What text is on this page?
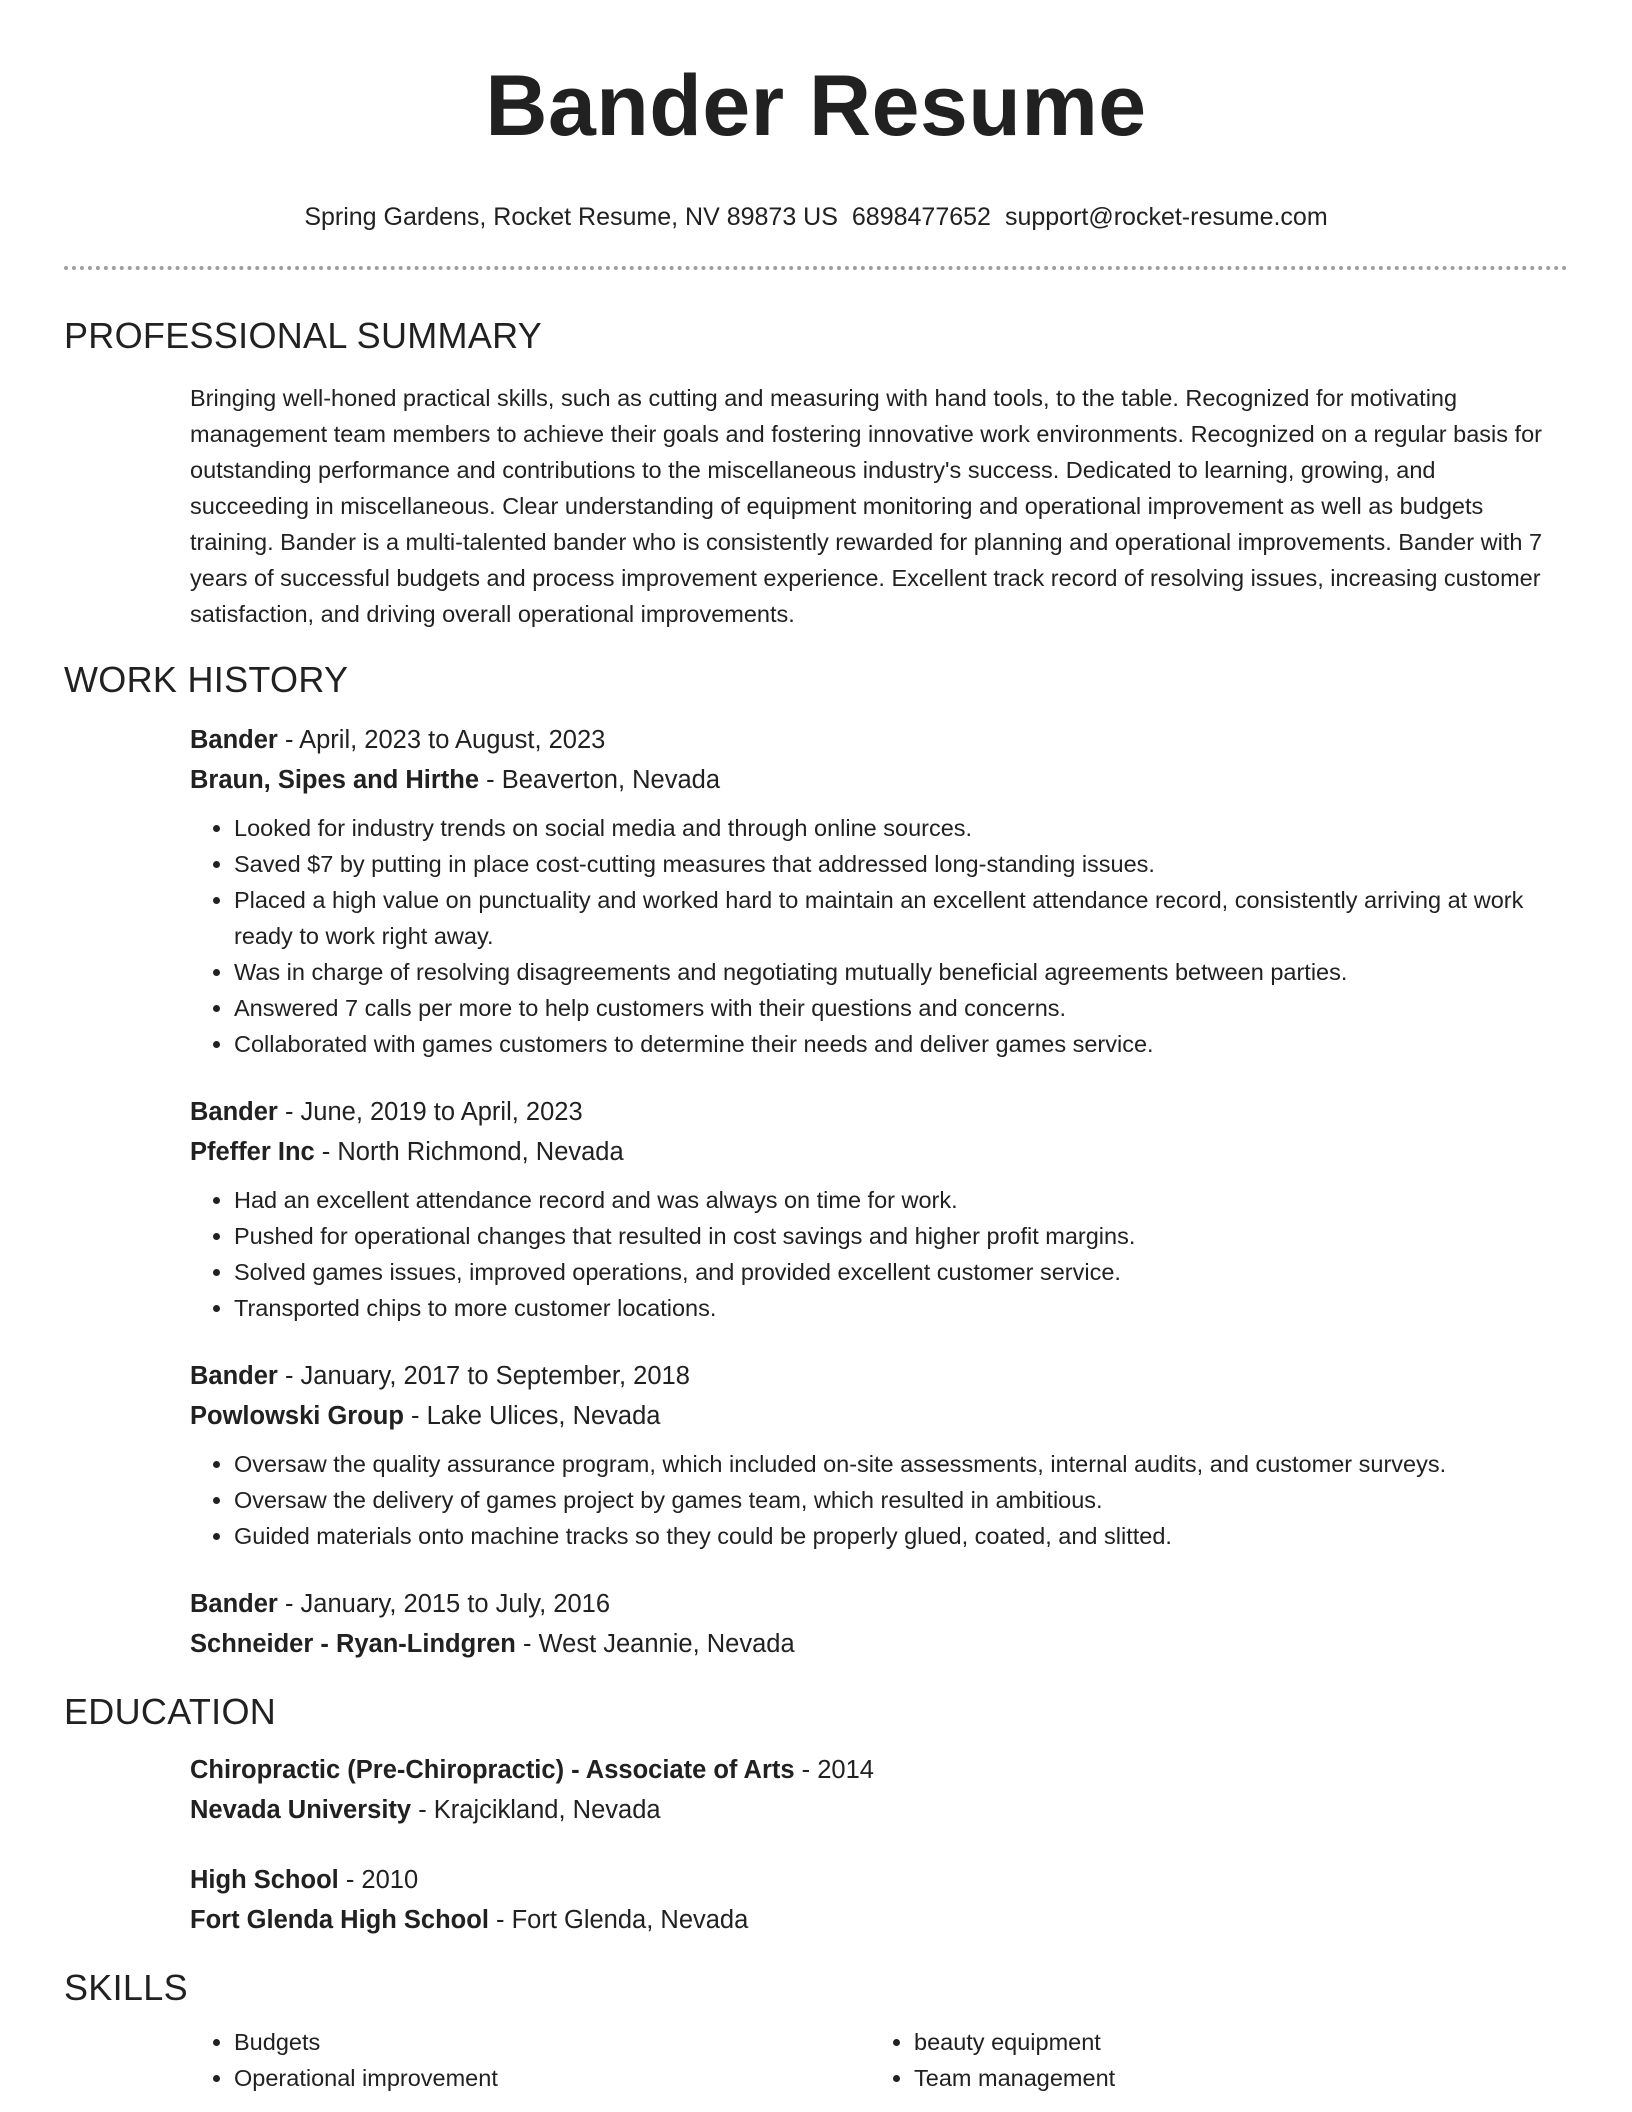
Bander Resume
Spring Gardens, Rocket Resume, NV 89873 US 6898477652 support@rocket-resume.com
PROFESSIONAL SUMMARY
Bringing well-honed practical skills, such as cutting and measuring with hand tools, to the table. Recognized for motivating management team members to achieve their goals and fostering innovative work environments. Recognized on a regular basis for outstanding performance and contributions to the miscellaneous industry's success. Dedicated to learning, growing, and succeeding in miscellaneous. Clear understanding of equipment monitoring and operational improvement as well as budgets training. Bander is a multi-talented bander who is consistently rewarded for planning and operational improvements. Bander with 7 years of successful budgets and process improvement experience. Excellent track record of resolving issues, increasing customer satisfaction, and driving overall operational improvements.
WORK HISTORY
Bander - April, 2023 to August, 2023
Braun, Sipes and Hirthe - Beaverton, Nevada
• Looked for industry trends on social media and through online sources.
• Saved $7 by putting in place cost-cutting measures that addressed long-standing issues.
• Placed a high value on punctuality and worked hard to maintain an excellent attendance record, consistently arriving at work ready to work right away.
• Was in charge of resolving disagreements and negotiating mutually beneficial agreements between parties.
• Answered 7 calls per more to help customers with their questions and concerns.
• Collaborated with games customers to determine their needs and deliver games service.
Bander - June, 2019 to April, 2023
Pfeffer Inc - North Richmond, Nevada
• Had an excellent attendance record and was always on time for work.
• Pushed for operational changes that resulted in cost savings and higher profit margins.
• Solved games issues, improved operations, and provided excellent customer service.
• Transported chips to more customer locations.
Bander - January, 2017 to September, 2018
Powlowski Group - Lake Ulices, Nevada
• Oversaw the quality assurance program, which included on-site assessments, internal audits, and customer surveys.
• Oversaw the delivery of games project by games team, which resulted in ambitious.
• Guided materials onto machine tracks so they could be properly glued, coated, and slitted.
Bander - January, 2015 to July, 2016
Schneider - Ryan-Lindgren - West Jeannie, Nevada
EDUCATION
Chiropractic (Pre-Chiropractic) - Associate of Arts - 2014
Nevada University - Krajcikland, Nevada
High School - 2010
Fort Glenda High School - Fort Glenda, Nevada
SKILLS
• Budgets
• Operational improvement
• beauty equipment
• Team management
